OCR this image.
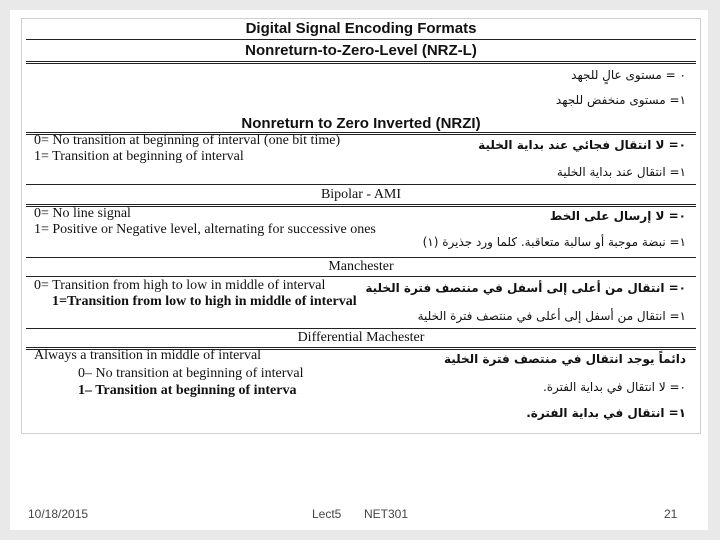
Digital Signal Encoding Formats
Nonreturn-to-Zero-Level (NRZ-L)
٠ = مستوى عالٍ للجهد
١= مستوى منخفض للجهد
Nonreturn to Zero Inverted (NRZI)
0= No transition at beginning of interval (one bit time)
1= Transition at beginning of interval
٠= لا انتقال فجائي عند بداية الخلية
١= انتقال عند بداية الخلية
Bipolar - AMI
0= No line signal
1= Positive or Negative level, alternating for successive ones
٠= لا إرسال على الخط
١= نبضة موجبة أو سالبة متعاقبة. كلما ورد جذيرة (١)
Manchester
0= Transition from high to low in middle of interval
1=Transition from low to high in middle of interval
٠= انتقال من أعلى إلى أسفل في منتصف فترة الخلية
١= انتقال من أسفل إلى أعلى في منتصف فترة الخلية
Differential Machester
Always a transition in middle of interval
0– No transition at beginning of interval
1– Transition at beginning of interva
دائماً يوجد انتقال في منتصف فترة الخلية
٠= لا انتقال في بداية الفترة.
١= انتقال في بداية الفترة.
10/18/2015	Lect5 NET301	21
